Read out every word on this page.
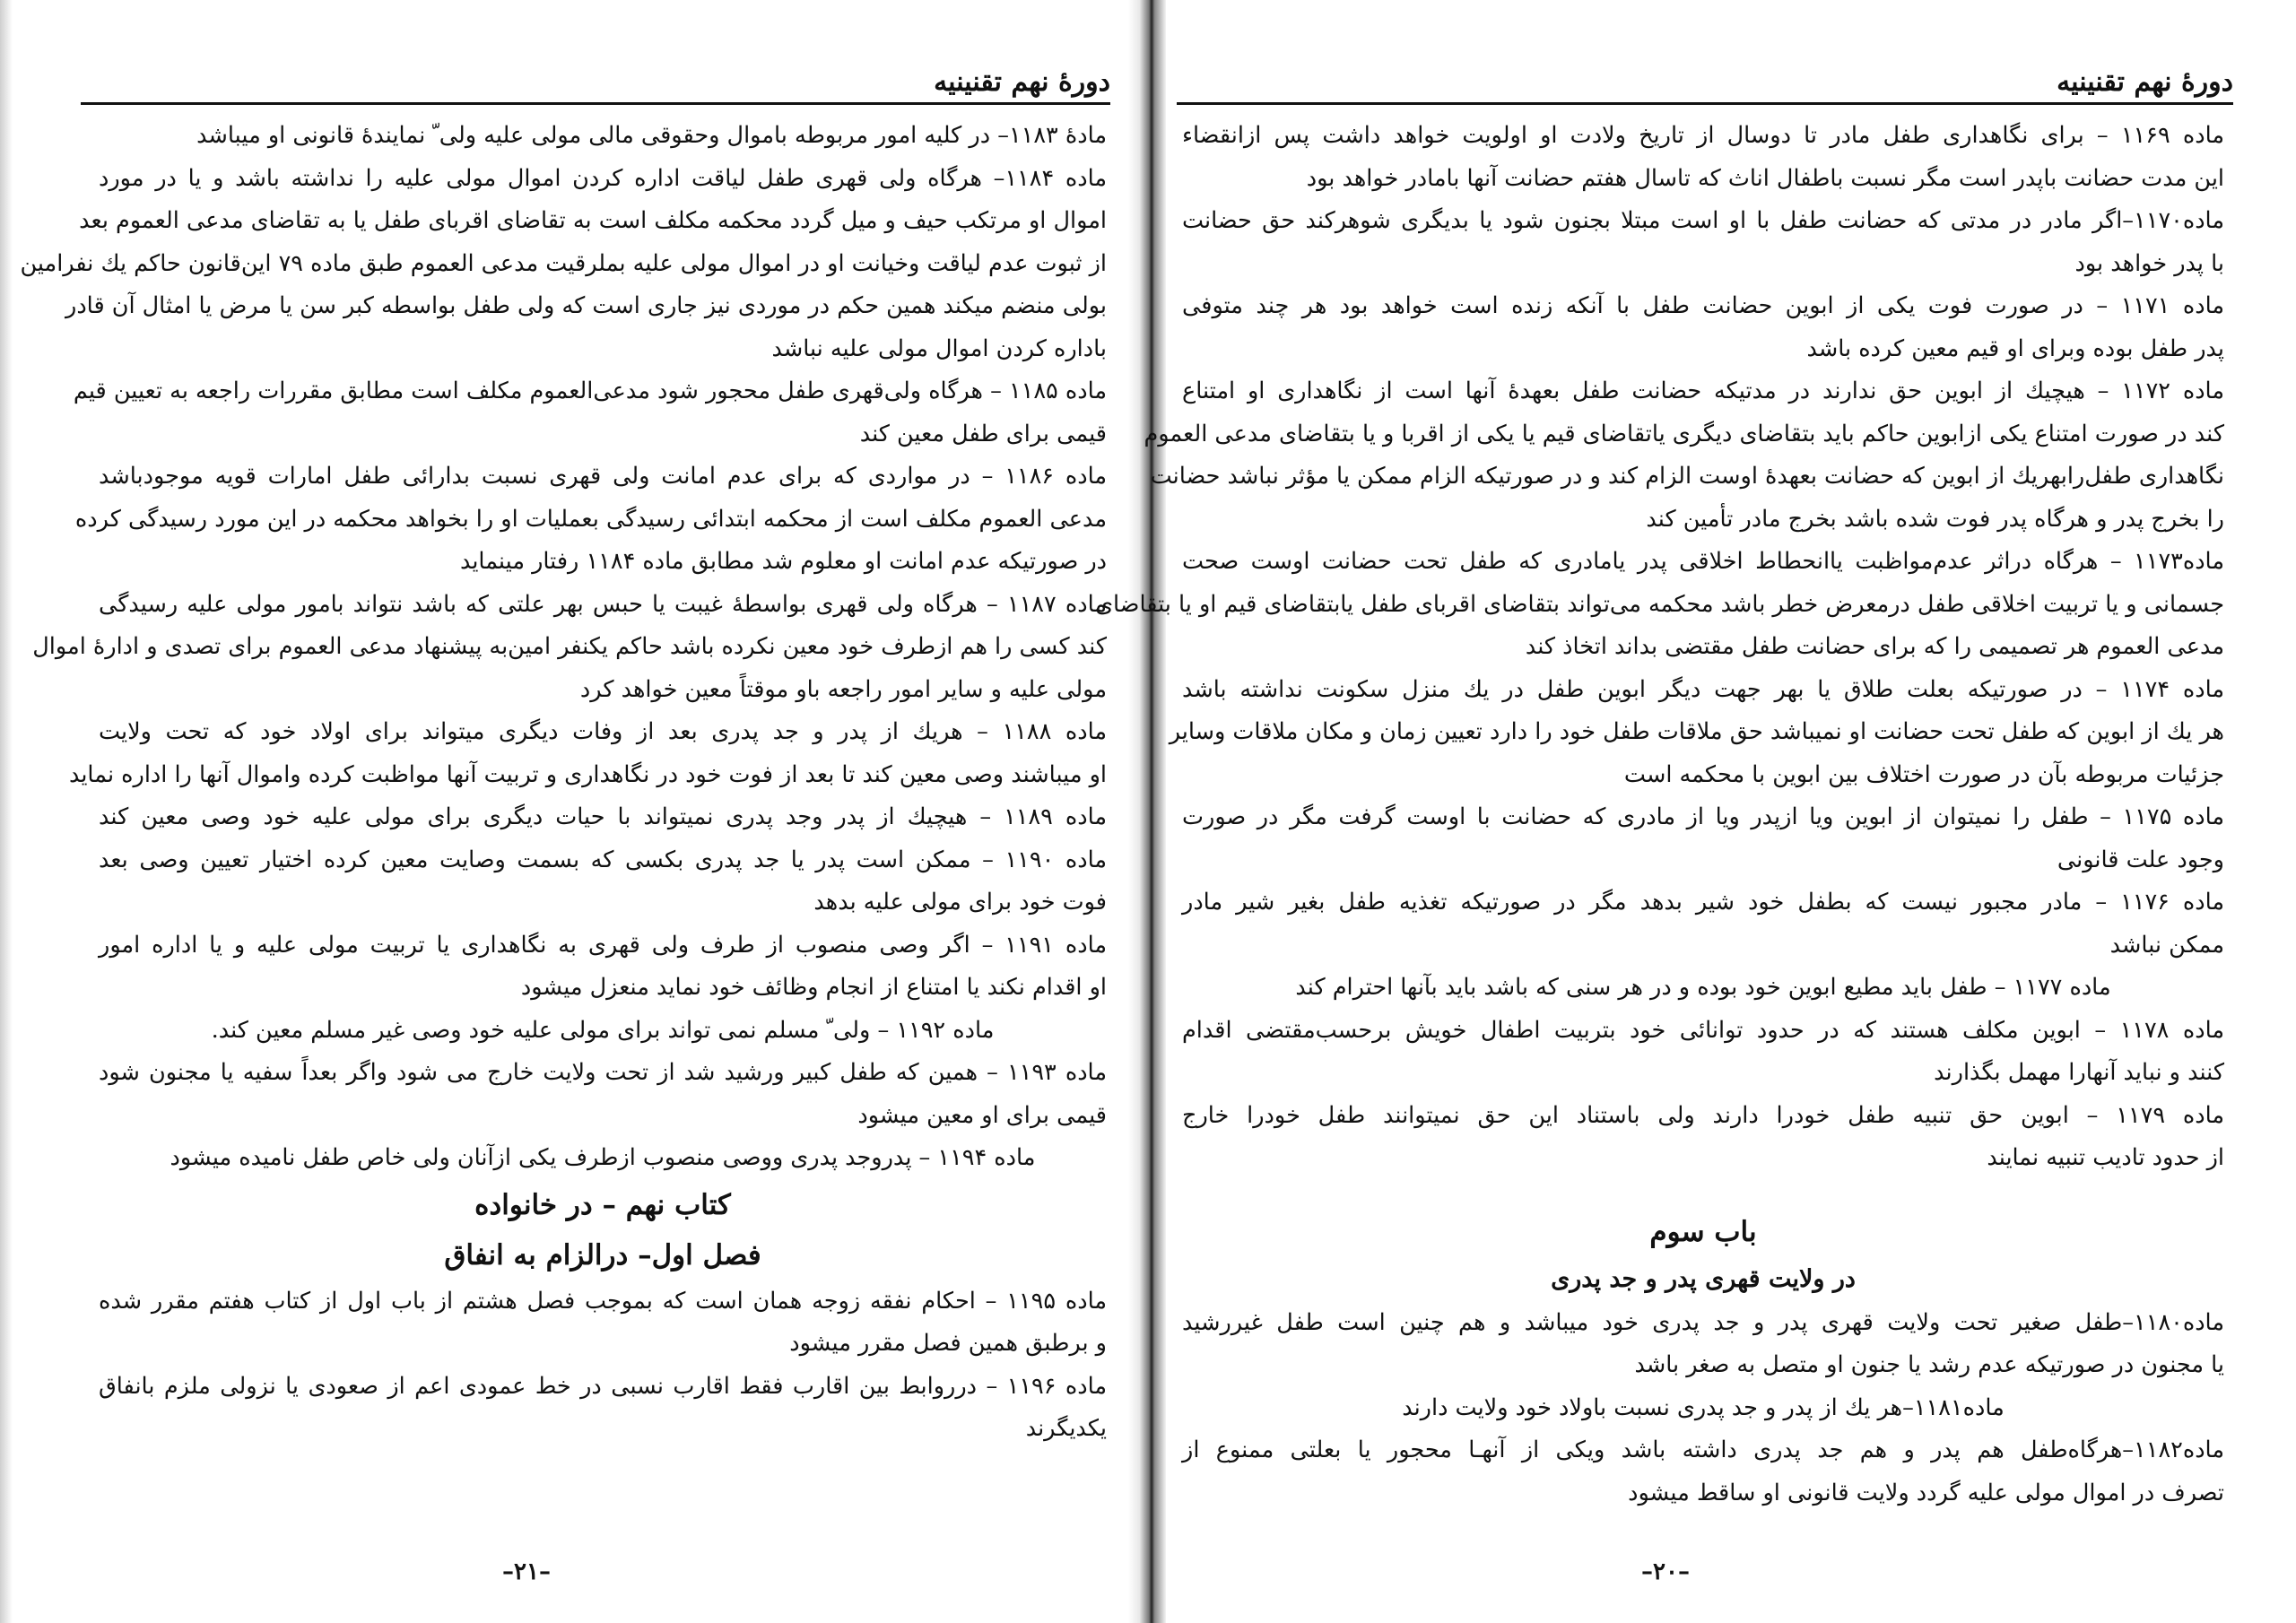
دورهٔ نهم تقنینیه
مادهٔ ۱۱۸۳– در کلیه امور مربوطه باموال وحقوقی مالی مولی علیه ولی ّ نمایندهٔ قانونی او میباشد
ماده ۱۱۸۴– هرگاه ولی قهری طفل لیاقت اداره کردن اموال مولی علیه را نداشته باشد و یا در مورد
اموال او مرتکب حیف و میل گردد محکمه مکلف است به تقاضای اقربای طفل یا به تقاضای مدعی العموم بعد
از ثبوت عدم لیاقت وخیانت او در اموال مولی علیه بملرقیت مدعی العموم طبق ماده ۷۹ این‌قانون حاکم یك نفرامین
بولی منضم میکند همین حکم در موردی نیز جاری است که ولی طفل بواسطه کبر سن یا مرض یا امثال آن قادر
باداره کردن اموال مولی علیه نباشد
ماده ۱۱۸۵ – هرگاه ولی‌قهری طفل محجور شود مدعی‌العموم مکلف است مطابق مقررات راجعه به تعیین قیم
قیمی برای طفل معین کند
ماده ۱۱۸۶ – در مواردی که برای عدم امانت ولی قهری نسبت بدارائی طفل امارات قویه موجود‌باشد
مدعی العموم مکلف است از محکمه ابتدائی رسیدگی بعملیات او را بخواهد محکمه در این مورد رسیدگی کرده
در صورتیکه عدم امانت او معلوم شد مطابق ماده ۱۱۸۴ رفتار مینماید
ماده ۱۱۸۷ – هرگاه ولی قهری بواسطهٔ غیبت یا حبس بهر علتی که باشد نتواند بامور مولی علیه رسیدگی
کند کسی را هم ازطرف خود معین نکرده باشد حاکم یکنفر امین‌به پیشنهاد مدعی العموم برای تصدی و ادارهٔ اموال
مولی علیه و سایر امور راجعه باو موقتاً معین خواهد کرد
ماده ۱۱۸۸ – هریك از پدر و جد پدری بعد از وفات دیگری میتواند برای اولاد خود که تحت ولایت
او میباشند وصی معین کند تا بعد از فوت خود در نگاهداری و تربیت آنها مواظبت کرده واموال آنها را اداره نماید
ماده ۱۱۸۹ – هیچیك از پدر وجد پدری نمیتواند با حیات دیگری برای مولی علیه خود وصی معین کند
ماده ۱۱۹۰ – ممکن است پدر یا جد پدری بکسی که بسمت وصایت معین کرده اختیار تعیین وصی بعد
فوت خود برای مولی علیه بدهد
ماده ۱۱۹۱ – اگر وصی منصوب از طرف ولی قهری به نگاهداری یا تربیت مولی علیه و یا اداره امور
او اقدام نکند یا امتناع از انجام وظائف خود نماید منعزل میشود
ماده ۱۱۹۲ – ولی ّ مسلم نمی تواند برای مولی علیه خود وصی غیر مسلم معین کند.
ماده ۱۱۹۳ – همین که طفل کبیر ورشید شد از تحت ولایت خارج می شود واگر بعداً سفیه یا مجنون شود
قیمی برای او معین میشود
ماده ۱۱۹۴ – پدروجد پدری ووصی منصوب ازطرف یکی ازآنان ولی خاص طفل نامیده میشود
کتاب نهم – در خانواده
فصل اول– درالزام به انفاق
ماده ۱۱۹۵ – احکام نفقه زوجه همان است که بموجب فصل هشتم از باب اول از کتاب هفتم مقرر شده
و برطبق همین فصل مقرر میشود
ماده ۱۱۹۶ – درروابط بین اقارب فقط اقارب نسبی در خط عمودی اعم از صعودی یا نزولی ملزم بانفاق
یکدیگرند
–۲۱–
دورهٔ نهم تقنینیه
ماده ۱۱۶۹ – برای نگاهداری طفل مادر تا دوسال از تاریخ ولادت او اولویت خواهد داشت پس ازانقضاء
این مدت حضانت باپدر است مگر نسبت باطفال اناث که تاسال هفتم حضانت آنها بامادر خواهد بود
ماده۱۱۷۰–اگر مادر در مدتی که حضانت طفل با او است مبتلا بجنون شود یا بدیگری شوهرکند حق حضانت
با پدر خواهد بود
ماده ۱۱۷۱ – در صورت فوت یکی از ابوین حضانت طفل با آنکه زنده است خواهد بود هر چند متوفی
پدر طفل بوده وبرای او قیم معین کرده باشد
ماده ۱۱۷۲ – هیچیك از ابوین حق ندارند در مدتیکه حضانت طفل بعهدهٔ آنها است از نگاهداری او امتناع
کند در صورت امتناع یکی ازابوین حاکم باید بتقاضای دیگری یاتقاضای قیم یا یکی از اقربا و یا بتقاضای مدعی العموم
نگاهداری طفل‌رابهریك از ابوین که حضانت بعهدهٔ اوست الزام کند و در صورتیکه الزام ممکن یا مؤثر نباشد حضانت
را بخرج پدر و هرگاه پدر فوت شده باشد بخرج مادر تأمین کند
ماده۱۱۷۳ – هرگاه دراثر عدم‌مواظبت یاانحطاط اخلاقی پدر یامادری که طفل تحت حضانت اوست صحت
جسمانی و یا تربیت اخلاقی طفل درمعرض خطر باشد محکمه می‌تواند بتقاضای اقربای طفل یابتقاضای قیم او یا بتقاضای
مدعی العموم هر تصمیمی را که برای حضانت طفل مقتضی بداند اتخاذ کند
ماده ۱۱۷۴ – در صورتیکه بعلت طلاق یا بهر جهت دیگر ابوین طفل در یك منزل سکونت نداشته باشد
هر یك از ابوین که طفل تحت حضانت او نمیباشد حق ملاقات طفل خود را دارد تعیین زمان و مکان ملاقات وسایر
جزئیات مربوطه بآن در صورت اختلاف بین ابوین با محکمه است
ماده ۱۱۷۵ – طفل را نمیتوان از ابوین ویا ازپدر ویا از مادری که حضانت با اوست گرفت مگر در صورت
وجود علت قانونی
ماده ۱۱۷۶ – مادر مجبور نیست که بطفل خود شیر بدهد مگر در صورتیکه تغذیه طفل بغیر شیر مادر
ممکن نباشد
ماده ۱۱۷۷ – طفل باید مطیع ابوین خود بوده و در هر سنی که باشد باید بآنها احترام کند
ماده ۱۱۷۸ – ابوین مکلف هستند که در حدود توانائی خود بتربیت اطفال خویش برحسب‌مقتضی اقدام
کنند و نباید آنهارا مهمل بگذارند
ماده ۱۱۷۹ – ابوین حق تنبیه طفل خودرا دارند ولی باستناد این حق نمیتوانند طفل خودرا خارج
از حدود تادیب تنبیه نمایند
باب سوم
در ولایت قهری پدر و جد پدری
ماده۱۱۸۰–طفل صغیر تحت ولایت قهری پدر و جد پدری خود میباشد و هم چنین است طفل غیررشید
یا مجنون در صورتیکه عدم رشد یا جنون او متصل به صغر باشد
ماده۱۱۸۱–هر یك از پدر و جد پدری نسبت باولاد خود ولایت دارند
ماده۱۱۸۲–هرگاه‌طفل هم پدر و هم جد پدری داشته باشد ویکی از آنهـا محجور یا بعلتی ممنوع از
تصرف در اموال مولی علیه گردد ولایت قانونی او ساقط میشود
–۲۰–
